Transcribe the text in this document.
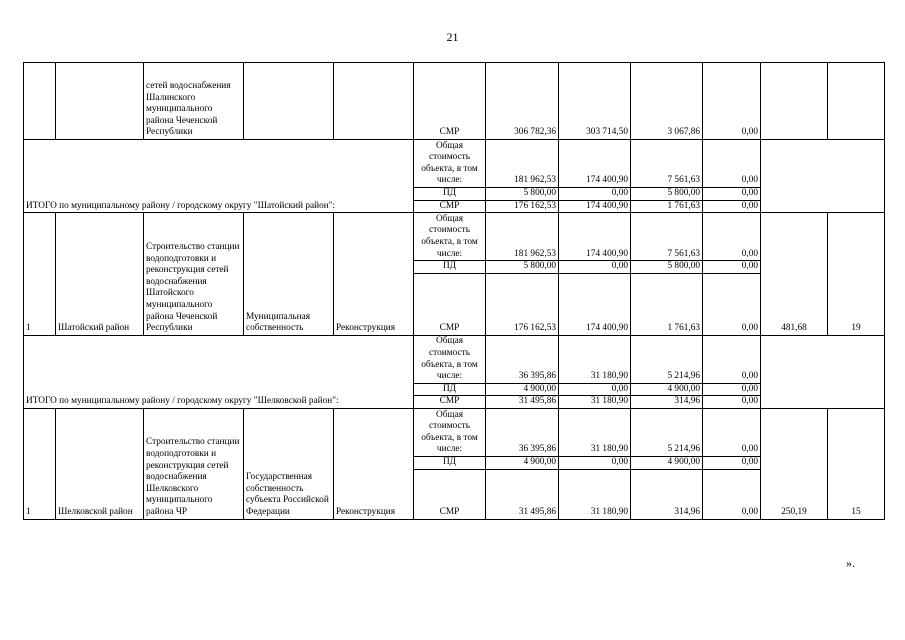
21
		сетей водоснабжения Шалинского муниципального района Чеченской Республики			СМР	306 782,36	303 714,50	3 067,86	0,00		
ИТОГО по муниципальному району / городскому округу "Шатойский район":					Общая стоимость объекта, в том числе:	181 962,53	174 400,90	7 561,63	0,00		
					ПД	5 800,00	0,00	5 800,00	0,00		
					СМР	176 162,53	174 400,90	1 761,63	0,00		
1	Шатойский район	Строительство станции водоподготовки и реконструкция сетей водоснабжения Шатойского муниципального района Чеченской Республики	Муниципальная собственность	Реконструкция	Общая стоимость объекта, в том числе:	181 962,53	174 400,90	7 561,63	0,00	481,68	19
					ПД	5 800,00	0,00	5 800,00	0,00		
					СМР	176 162,53	174 400,90	1 761,63	0,00		
ИТОГО по муниципальному району / городскому округу "Шелковской район":					Общая стоимость объекта, в том числе:	36 395,86	31 180,90	5 214,96	0,00		
					ПД	4 900,00	0,00	4 900,00	0,00		
					СМР	31 495,86	31 180,90	314,96	0,00		
1	Шелковской район	Строительство станции водоподготовки и реконструкция сетей водоснабжения Шелковского муниципального района ЧР	Государственная собственность субъекта Российской Федерации	Реконструкция	Общая стоимость объекта, в том числе:	36 395,86	31 180,90	5 214,96	0,00	250,19	15
					ПД	4 900,00	0,00	4 900,00	0,00		
					СМР	31 495,86	31 180,90	314,96	0,00		
».
